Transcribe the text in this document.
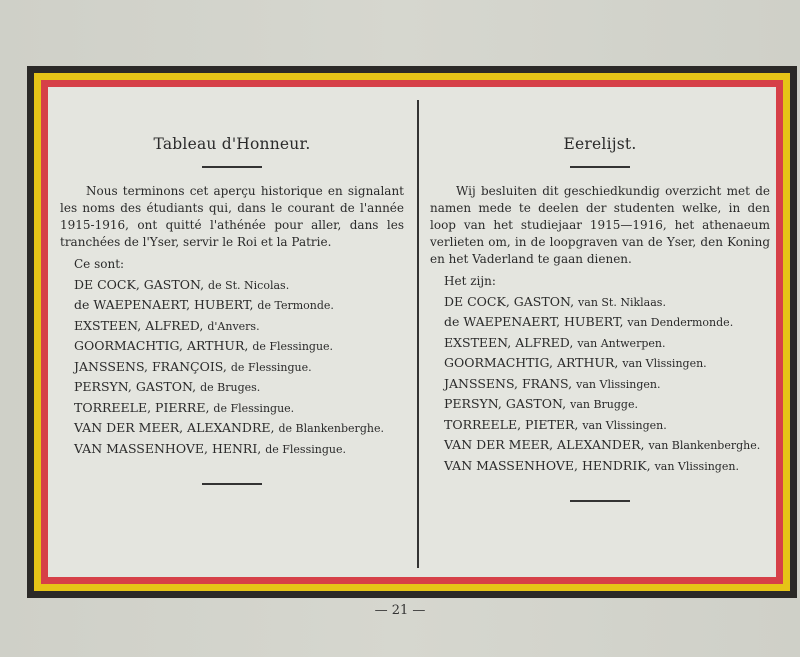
Tableau d'Honneur.
Nous terminons cet aperçu historique en signalant les noms des étudiants qui, dans le courant de l'année 1915-1916, ont quitté l'athénée pour aller, dans les tranchées de l'Yser, servir le Roi et la Patrie.
Ce sont:
DE COCK, GASTON, de St. Nicolas.
de WAEPENAERT, HUBERT, de Termonde.
EXSTEEN, ALFRED, d'Anvers.
GOORMACHTIG, ARTHUR, de Flessingue.
JANSSENS, FRANÇOIS, de Flessingue.
PERSYN, GASTON, de Bruges.
TORREELE, PIERRE, de Flessingue.
VAN DER MEER, ALEXANDRE, de Blankenberghe.
VAN MASSENHOVE, HENRI, de Flessingue.
Eerelijst.
Wij besluiten dit geschiedkundig overzicht met de namen mede te deelen der studenten welke, in den loop van het studiejaar 1915—1916, het athenaeum verlieten om, in de loopgraven van de Yser, den Koning en het Vaderland te gaan dienen.
Het zijn:
DE COCK, GASTON, van St. Niklaas.
de WAEPENAERT, HUBERT, van Dendermonde.
EXSTEEN, ALFRED, van Antwerpen.
GOORMACHTIG, ARTHUR, van Vlissingen.
JANSSENS, FRANS, van Vlissingen.
PERSYN, GASTON, van Brugge.
TORREELE, PIETER, van Vlissingen.
VAN DER MEER, ALEXANDER, van Blankenberghe.
VAN MASSENHOVE, HENDRIK, van Vlissingen.
— 21 —
